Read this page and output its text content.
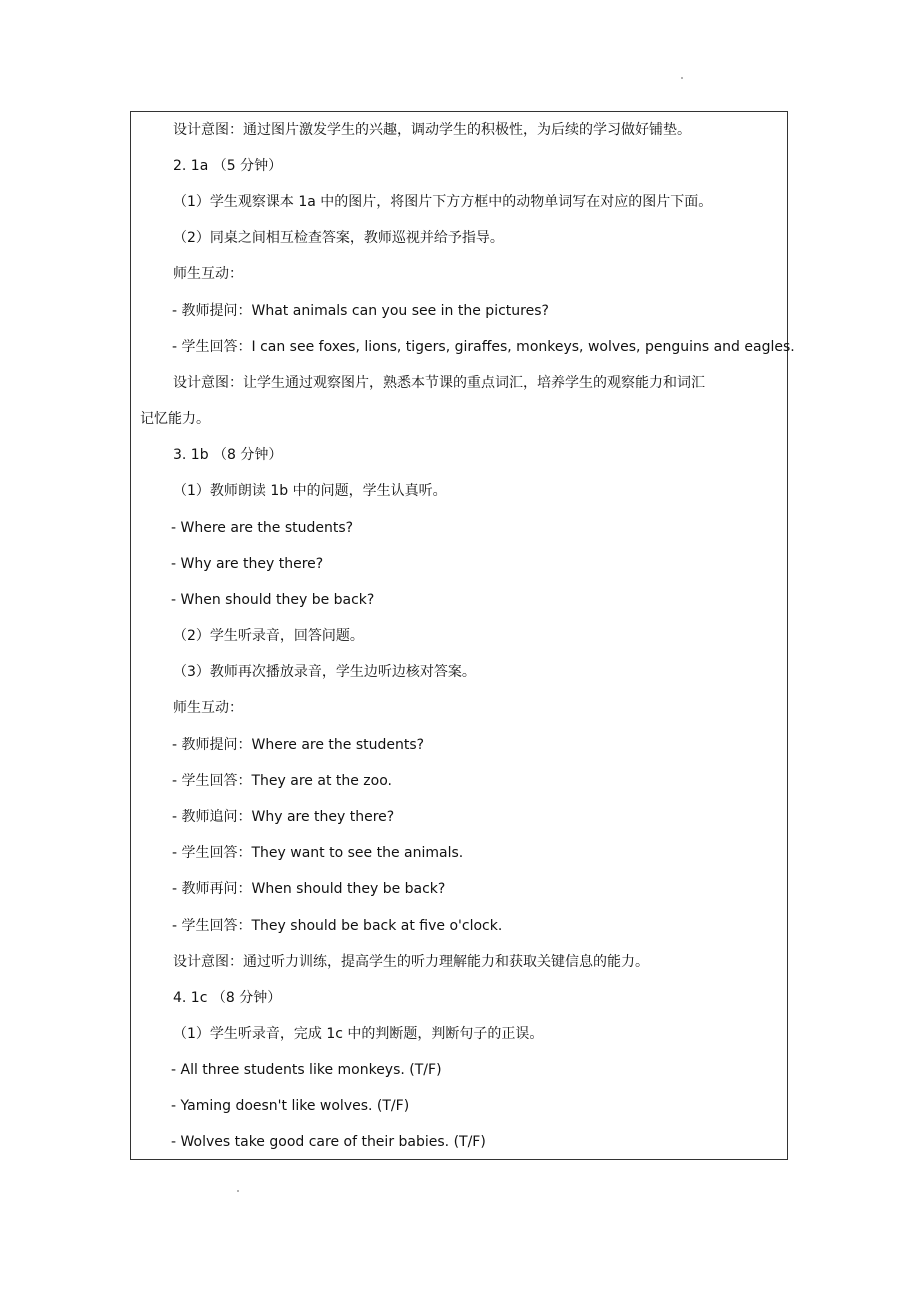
设计意图：通过图片激发学生的兴趣，调动学生的积极性，为后续的学习做好铺垫。
2. 1a （5 分钟）
（1）学生观察课本 1a 中的图片，将图片下方方框中的动物单词写在对应的图片下面。
（2）同桌之间相互检查答案，教师巡视并给予指导。
师生互动：
- 教师提问：What animals can you see in the pictures?
- 学生回答：I can see foxes, lions, tigers, giraffes, monkeys, wolves, penguins and eagles.
设计意图：让学生通过观察图片，熟悉本节课的重点词汇，培养学生的观察能力和词汇
记忆能力。
3. 1b （8 分钟）
（1）教师朗读 1b 中的问题，学生认真听。
- Where are the students?
- Why are they there?
- When should they be back?
（2）学生听录音，回答问题。
（3）教师再次播放录音，学生边听边核对答案。
师生互动：
- 教师提问：Where are the students?
- 学生回答：They are at the zoo.
- 教师追问：Why are they there?
- 学生回答：They want to see the animals.
- 教师再问：When should they be back?
- 学生回答：They should be back at five o'clock.
设计意图：通过听力训练，提高学生的听力理解能力和获取关键信息的能力。
4. 1c （8 分钟）
（1）学生听录音，完成 1c 中的判断题，判断句子的正误。
- All three students like monkeys. (T/F)
- Yaming doesn't like wolves. (T/F)
- Wolves take good care of their babies. (T/F)
